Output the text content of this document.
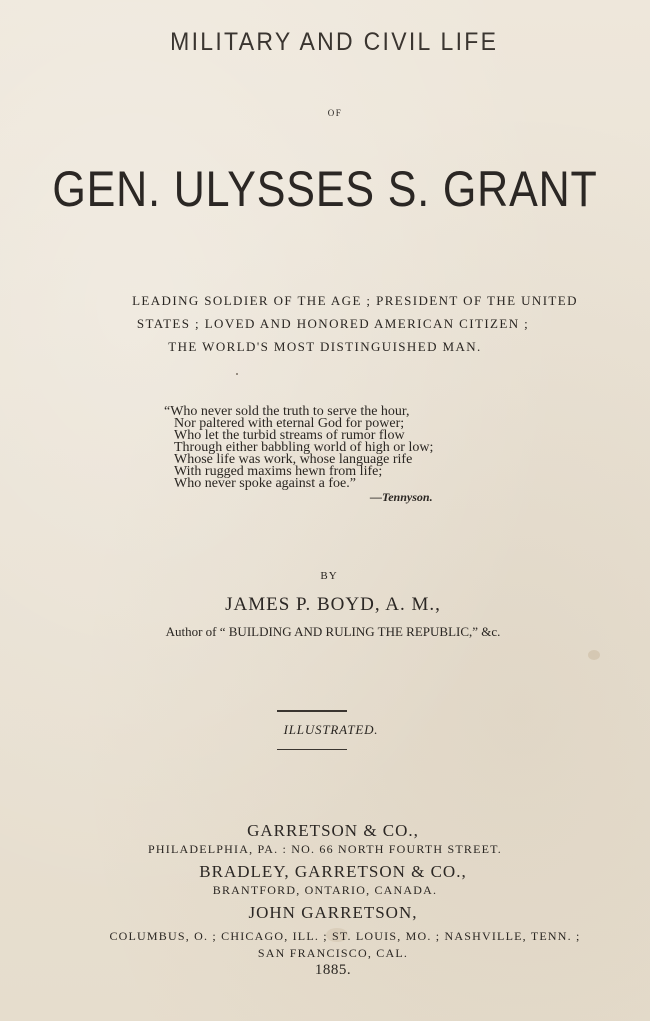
MILITARY AND CIVIL LIFE
OF
GEN. ULYSSES S. GRANT
LEADING SOLDIER OF THE AGE ; PRESIDENT OF THE UNITED
STATES ; LOVED AND HONORED AMERICAN CITIZEN ;
THE WORLD'S MOST DISTINGUISHED MAN.
“Who never sold the truth to serve the hour,
Nor paltered with eternal God for power;
Who let the turbid streams of rumor flow
Through either babbling world of high or low;
Whose life was work, whose language rife
With rugged maxims hewn from life;
Who never spoke against a foe.”
—Tennyson.
BY
JAMES P. BOYD, A. M.,
Author of “ BUILDING AND RULING THE REPUBLIC,” &c.
ILLUSTRATED.
GARRETSON & CO.,
PHILADELPHIA, PA. : NO. 66 NORTH FOURTH STREET.
BRADLEY, GARRETSON & CO.,
BRANTFORD, ONTARIO, CANADA.
JOHN GARRETSON,
COLUMBUS, O. ; CHICAGO, ILL. ; ST. LOUIS, MO. ; NASHVILLE, TENN. ;
SAN FRANCISCO, CAL.
1885.
